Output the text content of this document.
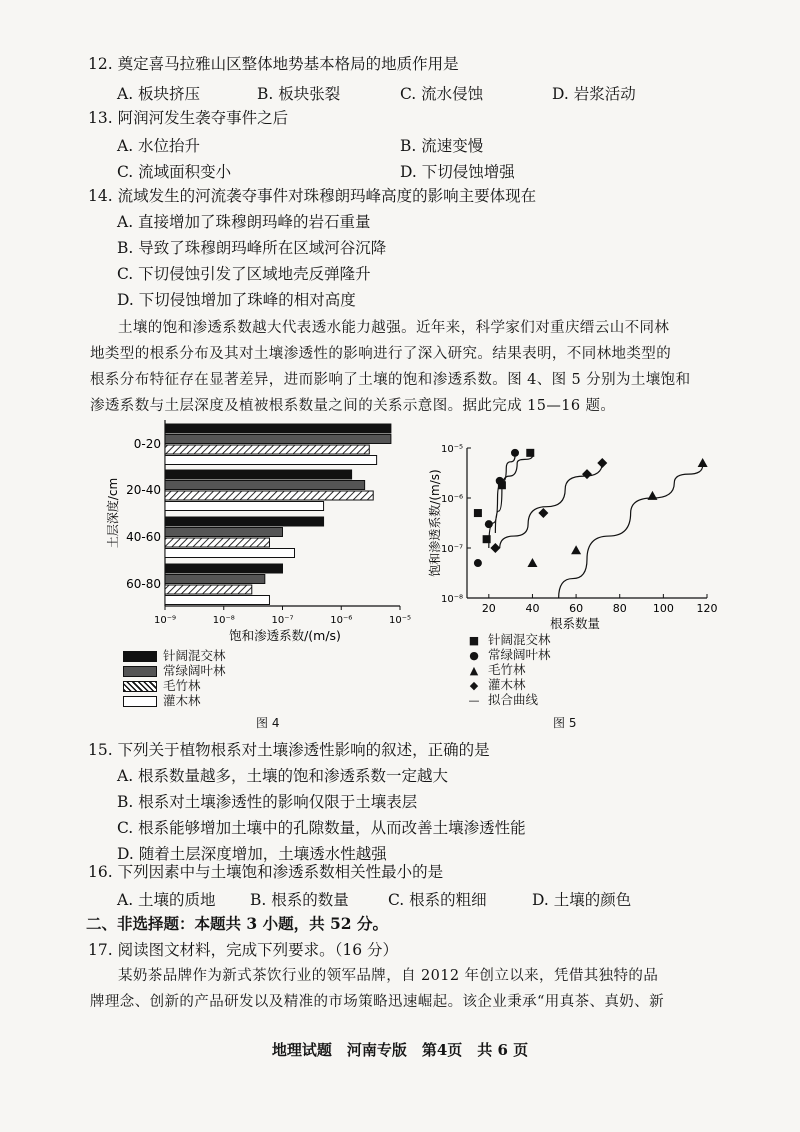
12. 奠定喜马拉雅山区整体地势基本格局的地质作用是
A. 板块挤压	B. 板块张裂	C. 流水侵蚀	D. 岩浆活动
13. 阿润河发生袭夺事件之后
A. 水位抬升	B. 流速变慢
C. 流域面积变小	D. 下切侵蚀增强
14. 流域发生的河流袭夺事件对珠穆朗玛峰高度的影响主要体现在
A. 直接增加了珠穆朗玛峰的岩石重量
B. 导致了珠穆朗玛峰所在区域河谷沉降
C. 下切侵蚀引发了区域地壳反弹隆升
D. 下切侵蚀增加了珠峰的相对高度
土壤的饱和渗透系数越大代表透水能力越强。近年来，科学家们对重庆缙云山不同林
地类型的根系分布及其对土壤渗透性的影响进行了深入研究。结果表明，不同林地类型的
根系分布特征存在显著差异，进而影响了土壤的饱和渗透系数。图 4、图 5 分别为土壤饱和
渗透系数与土层深度及植被根系数量之间的关系示意图。据此完成 15—16 题。
0-20
20-40
40-60
60-80
10⁻⁹	10⁻⁸	10⁻⁷	10⁻⁶	10⁻⁵
土层深度/cm
饱和渗透系数/(m/s)
针阔混交林
常绿阔叶林
毛竹林
灌木林
图 4
10⁻⁵
10⁻⁶
10⁻⁷
10⁻⁸
20	40	60	80 100 120
饱和渗透系数/(m/s)
根系数量
■ 针阔混交林
● 常绿阔叶林
▲ 毛竹林
◆ 灌木林
— 拟合曲线
图 5
15. 下列关于植物根系对土壤渗透性影响的叙述，正确的是
A. 根系数量越多，土壤的饱和渗透系数一定越大
B. 根系对土壤渗透性的影响仅限于土壤表层
C. 根系能够增加土壤中的孔隙数量，从而改善土壤渗透性能
D. 随着土层深度增加，土壤透水性越强
16. 下列因素中与土壤饱和渗透系数相关性最小的是
A. 土壤的质地 B. 根系的数量	C. 根系的粗细	D. 土壤的颜色
二、非选择题：本题共 3 小题，共 52 分。
17. 阅读图文材料，完成下列要求。（16 分）
某奶茶品牌作为新式茶饮行业的领军品牌，自 2012 年创立以来，凭借其独特的品
牌理念、创新的产品研发以及精准的市场策略迅速崛起。该企业秉承“用真茶、真奶、新
地理试题　河南专版　第4页　共 6 页
